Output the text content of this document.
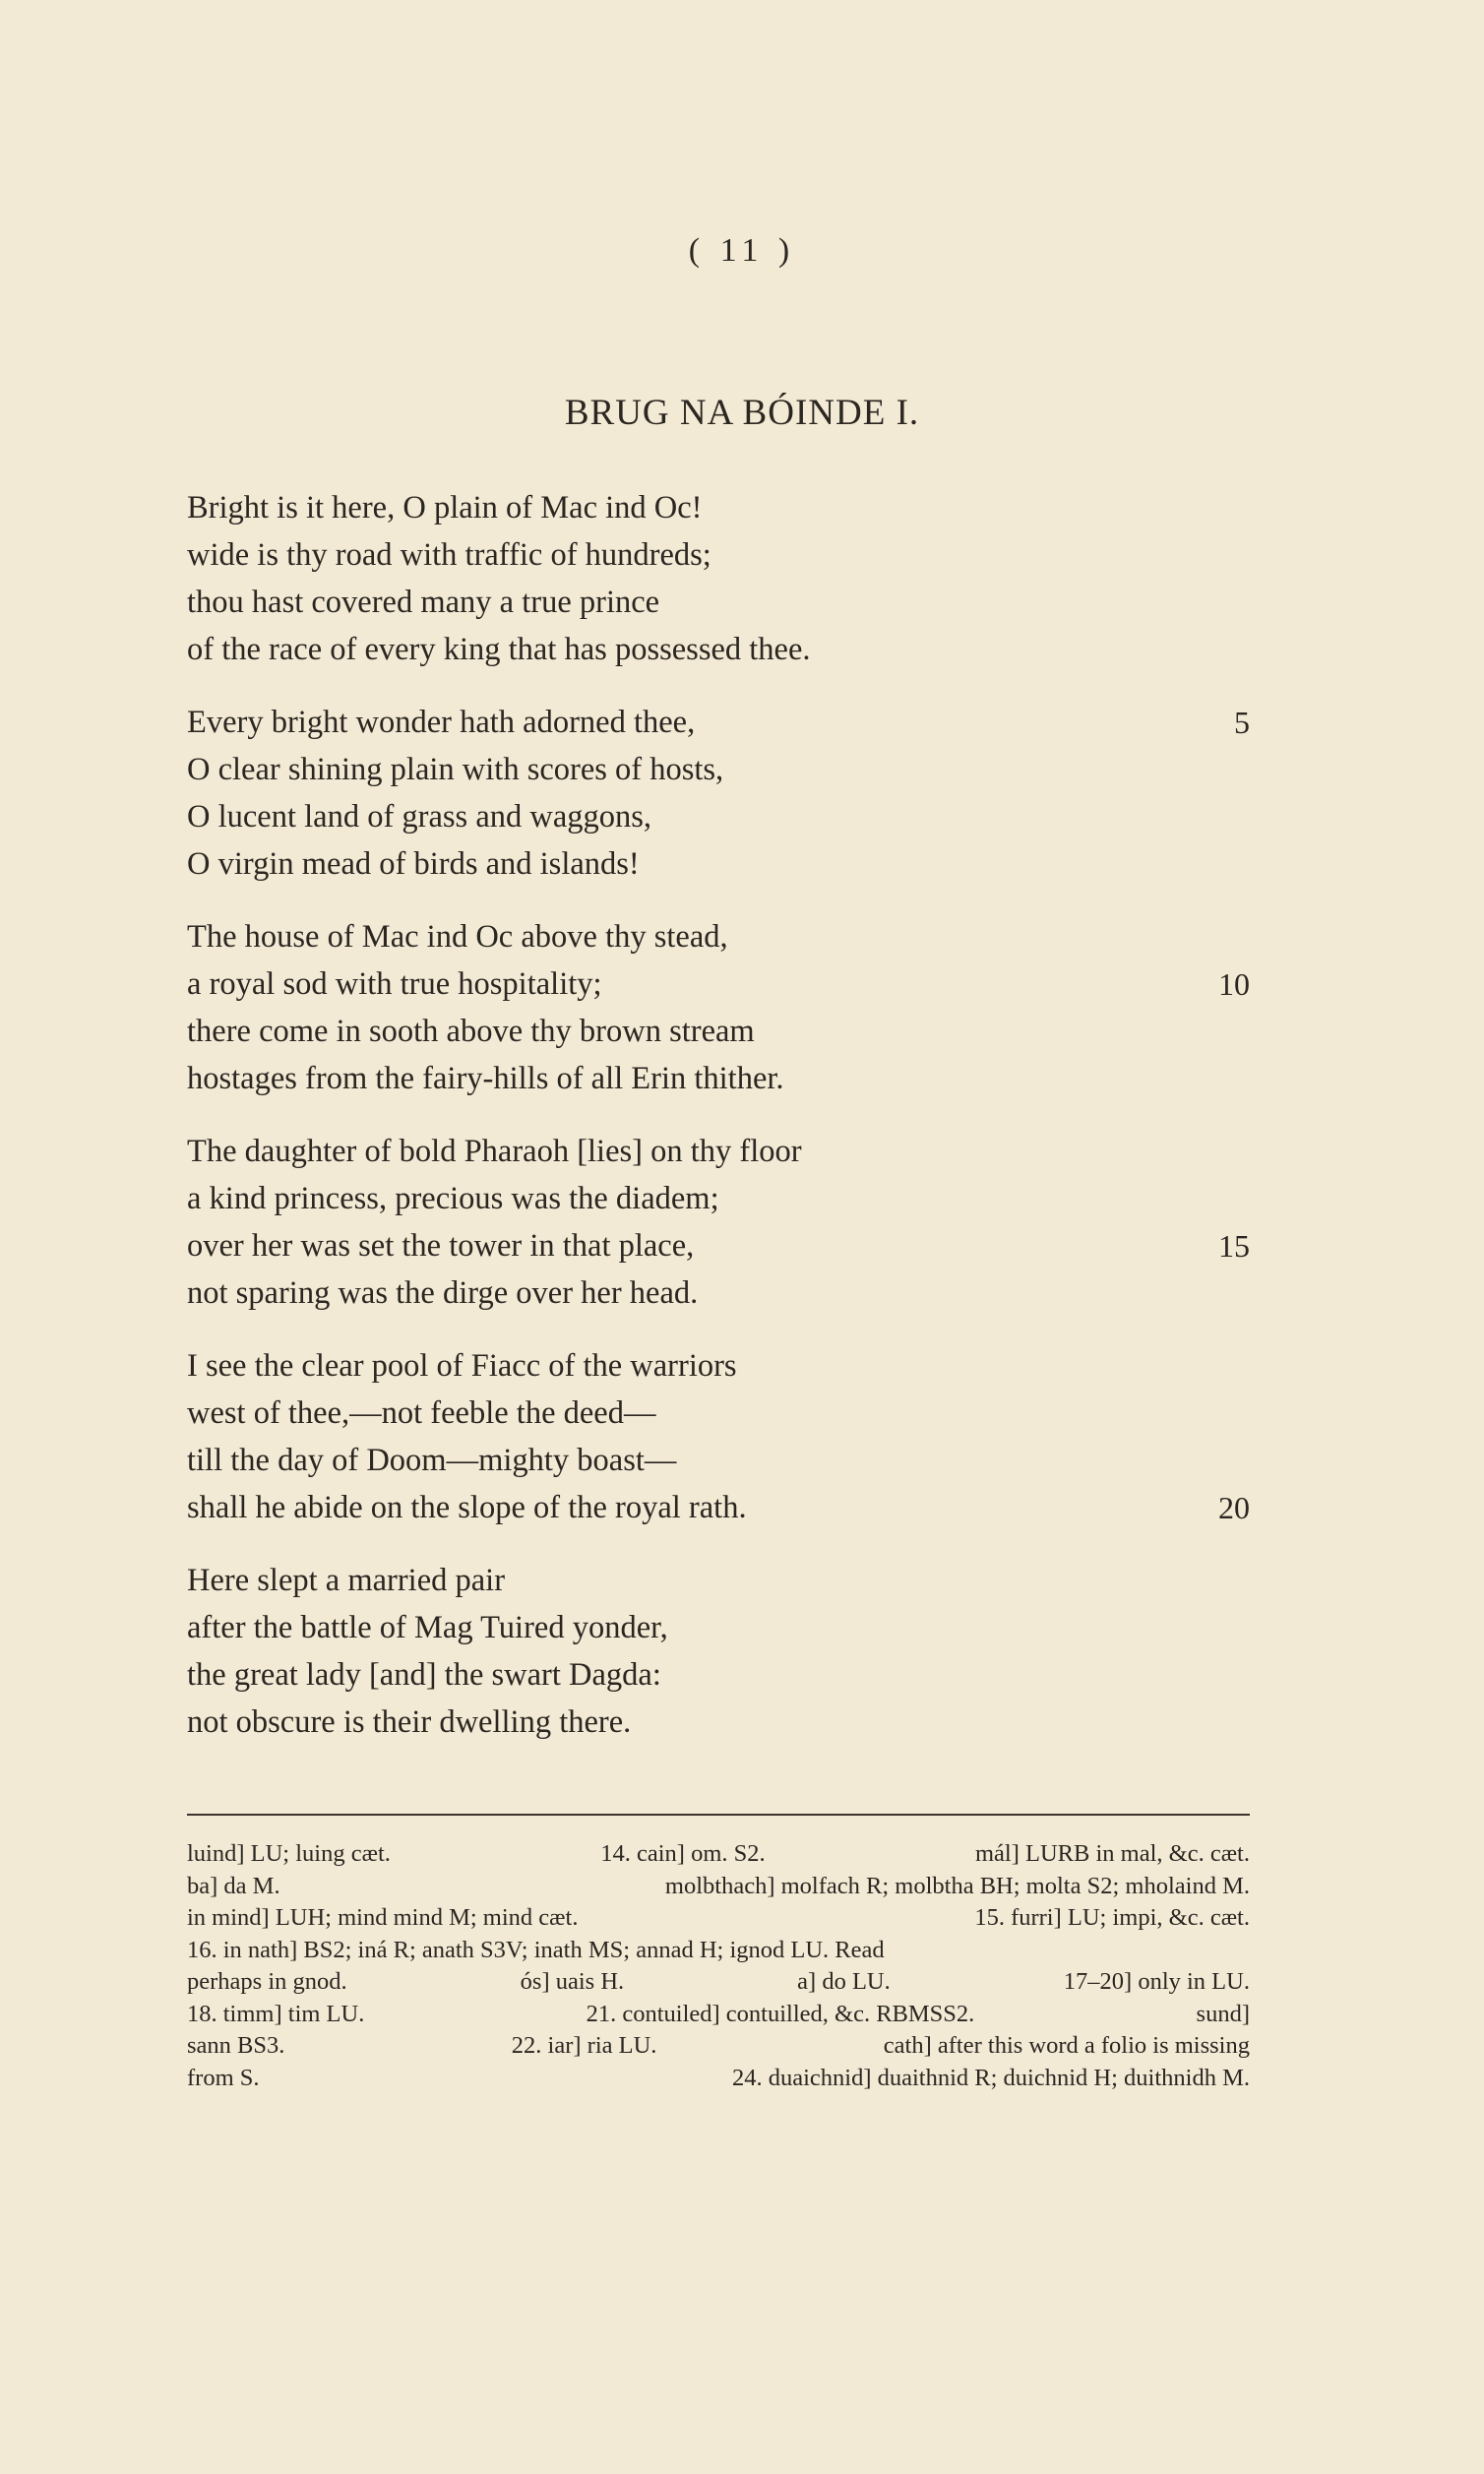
( 11 )
BRUG NA BÓINDE I.
Bright is it here, O plain of Mac ind Oc!
wide is thy road with traffic of hundreds;
thou hast covered many a true prince
of the race of every king that has possessed thee.
Every bright wonder hath adorned thee,	5
O clear shining plain with scores of hosts,
O lucent land of grass and waggons,
O virgin mead of birds and islands!
The house of Mac ind Oc above thy stead,
a royal sod with true hospitality;	10
there come in sooth above thy brown stream
hostages from the fairy-hills of all Erin thither.
The daughter of bold Pharaoh [lies] on thy floor
a kind princess, precious was the diadem;
over her was set the tower in that place,	15
not sparing was the dirge over her head.
I see the clear pool of Fiacc of the warriors
west of thee,—not feeble the deed—
till the day of Doom—mighty boast—
shall he abide on the slope of the royal rath.	20
Here slept a married pair
after the battle of Mag Tuired yonder,
the great lady [and] the swart Dagda:
not obscure is their dwelling there.
luind] LU; luing cæt.	14. cain] om. S2.	mál] LURB in mal, &c. cæt.
ba] da M.	molbthach] molfach R; molbtha BH; molta S2; mholaind M.
in mind] LUH; mind mind M; mind cæt.	15. furri] LU; impi, &c. cæt.
16. in nath] BS2; iná R; anath S3V; inath MS; annad H; ignod LU. Read
perhaps in gnod.	ós] uais H.	a] do LU.	17–20] only in LU.
18. timm] tim LU.	21. contuiled] contuilled, &c. RBMSS2.	sund]
sann BS3.	22. iar] ria LU.	cath] after this word a folio is missing
from S.	24. duaichnid] duaithnid R; duichnid H; duithnidh M.
